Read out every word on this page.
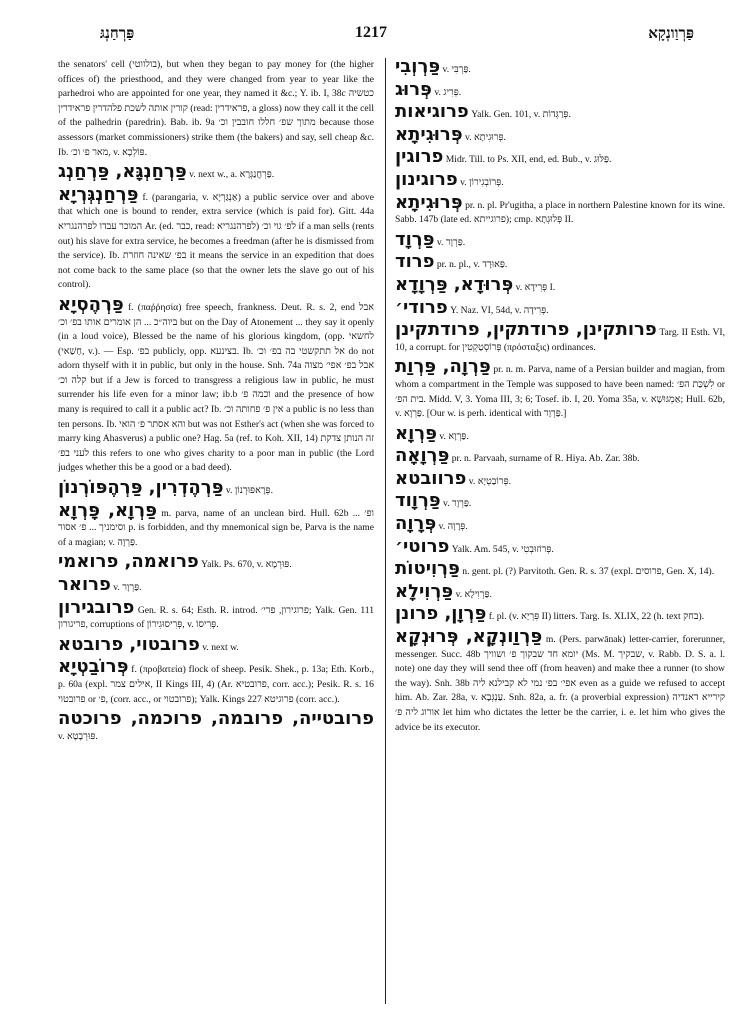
פַּרְחַנְגּ	1217	פַּרְוַונְקָא

the senators' cell (בולווטי), but when they began to pay money for (the higher offices of) the priesthood, and they were changed from year to year like the parhedroi who are appointed for one year, they named it &c.; Y. ib. I, 38c כטשיה קורין אותה לשכת פלהדרין פראידרין (read: פראידרין, a gloss) now they call it the cell of the palhedrin (paredrin). Bab. ib. 9a מתוך שפ׳ חללו חובבין וכ׳ because those assessors (market commissioners) strike them (the bakers) and say, sell cheap &c. Ib. מאר פ׳ וכ׳, v. פּוֹלְכָא.

פַּרְחַנְגָּא, פַּרְחַנְג v. next w., a. פַּרְחֲנַגְּרָא.

פַּרְחַנְגְּרְיָא f. (parangaria, v. אַנְגַּרְיָא) a public service over and above that which one is bound to render, extra service (which is paid for). Gitt. 44a המוכר עבדו לפרהנגריא Ar. (ed. כבר, read: לפרהנגריא) לפ׳ גוי וכ׳ if a man sells (rents out) his slave for extra service, he becomes a freedman (after he is dismissed from the service). Ib. בפ׳ שאינה חוזרת it means the service in an expedition that does not come back to the same place (so that the owner lets the slave go out of his control).

פַּרְהֶסְיָא f. (παῤῥησία) free speech, frankness. Deut. R. s. 2, end אבל ביוה״כ ... הן אומרים אותו בפ׳ וכ׳ but on the Day of Atonement ... they say it openly (in a loud voice), Blessed be the name of his glorious kingdom, (opp. לחשאי (חַשַׁאי, v.). — Esp. בפ׳ publicly, opp. בצינעא. Ib. אל תתקשטי בה בפ׳ וכ׳ do not adorn thyself with it in public, but only in the house. Snh. 74a אבל בפ׳ אפי׳ מצוה קלה וכ׳ but if a Jew is forced to transgress a religious law in public, he must surrender his life even for a minor law; ib.b וכמה פ׳ and the presence of how many is required to call it a public act? Ib. אין פ׳ פחותה וכ׳ a public is no less than ten persons. Ib. והא אסתר פ׳ הואי but was not Esther's act (when she was forced to marry king Ahasverus) a public one? Hag. 5a (ref. to Koh. XII, 14) זה הנותן צדקת לעני בפ׳ this refers to one who gives charity to a poor man in public (the Lord judges whether this be a good or a bad deed).

פַּרְהֶדְרִין, פַּרְהֶפּוֹרְנוֹן v. פְּרָאפּוּרְנוֹן.

פַּרְוָא, פָּרְוָא m. parva, name of an unclean bird. Hull. 62b ... ופ׳ וסימניך ... פ׳ אסור p. is forbidden, and thy mnemonical sign be, Parva is the name of a magian; v. פַּרְוָה.

פרואמה, פרואמי Yalk. Ps. 670, v. פּוּרְמָא.

פרואר v. פַּרְוָר.

פרובגירון Gen. R. s. 64; Esth. R. introd. פרוגירון, פרי׳; Yalk. Gen. 111 פריגורון, corruptions of פְּרִיסוּגִירוֹן, v. פְּרִיסוֹ.

פרובטוי, פרובטא v. next w.

פְּרוֹבַטְיָא f. (προβατεία) flock of sheep. Pesik. Shek., p. 13a; Eth. Korb., p. 60a (expl. אילים צמר, II Kings III, 4) (Ar. פרובטיא, corr. acc.); Pesik. R. s. 16 פרובטוי or פ׳, (corr. acc., or פרובטוי); Yalk. Kings 227 פרוגיטא (corr. acc.).

פרובטייה, פרובמה, פרוכמה, פרוכטה v. פּוּרְבָטָא.

פַּרְוְבִי v. פַּרְבִּי.

פְּרוּג v. פְּרִיג.

פרוגיאות Yalk. Gen. 101, v. פְּרַגְּדוֹת.

פְּרוּגִיתָא v. פְּרוּגִיתָא.

פרוגין Midr. Till. to Ps. XII, end, ed. Bub., v. פַּלּוּג.

פרוגינון v. פְּרוֹבְגִירוֹן.

פְּרוּגִיתָא pr. n. pl. Pr'ugitha, a place in northern Palestine known for its wine. Sabb. 147b (late ed. פרוגייתא); cmp. פְּלוּגְתָא II.

פַּרְוָד v. פַּרְוָר.

פרוד pr. n. pl., v. פַּאוּרָד.

פְּרוּדָא, פַּרְוָדָא v. פְּרִידָא I.

פרודי׳ Y. Naz. VI, 54d, v. פְּרִידָה.

פרותקינן, פרודתקין, פרודתקינן Targ. II Esth. VI, 10, a corrupt. for פְּרוֹסְטַקְטִין (πρόσταξις) ordinances.

פַּרְוָה, פַּרְוַת pr. n. m. Parva, name of a Persian builder and magian, from whom a compartment in the Temple was supposed to have been named: לִשְׁכַּת הפ׳ or בית הפ׳. Midd. V, 3. Yoma III, 3; 6; Tosef. ib. I, 20. Yoma 35a, v. אַמְגּוּשָׁא; Hull. 62b, v. פַּרְוָא. [Our w. is perh. identical with פַּרְוַר.]

פַּרְוָא v. פַּרְוָא.

פַּרְוָאָה pr. n. Parvaah, surname of R. Hiya. Ab. Zar. 38b.

פרוובטא v. פְּרוֹבַטְיָא.

פַּרְוָוד v. פַּרְוָר.

פְּרָוָה v. פְּרָוָה.

פרוטי׳ Yalk. Am. 545, v. פְּרוֹזוּבְטִי.

פַּרְוִיטוֹת n. gent. pl. (?) Parvitoth. Gen. R. s. 37 (expl. פרוסים, Gen. X, 14).

פַּרְוִילָא v. פַּרְוִילָא.

פַּרְוָן, פרונן f. pl. (v. פִּרְיָא II) litters. Targ. Is. XLIX, 22 (h. text בחק).

פַּרְוַונְקָא, פְּרוּנְקָא m. (Pers. parwānak) letter-carrier, forerunner, messenger. Succ. 48b יומא חד שבקוך פ׳ ושוויך (Ms. M. שבקיך, v. Rabb. D. S. a. l. note) one day they will send thee off (from heaven) and make thee a runner (to show the way). Snh. 38b אפי׳ בפ׳ נמי לא קבילנא ליה even as a guide we refused to accept him. Ab. Zar. 28a, v. עַנְגְּבָא. Snh. 82a, a. fr. (a proverbial expression) קירייא דאנדיה אורוג ליה פ׳ let him who dictates the letter be the carrier, i. e. let him who gives the advice be its executor.
